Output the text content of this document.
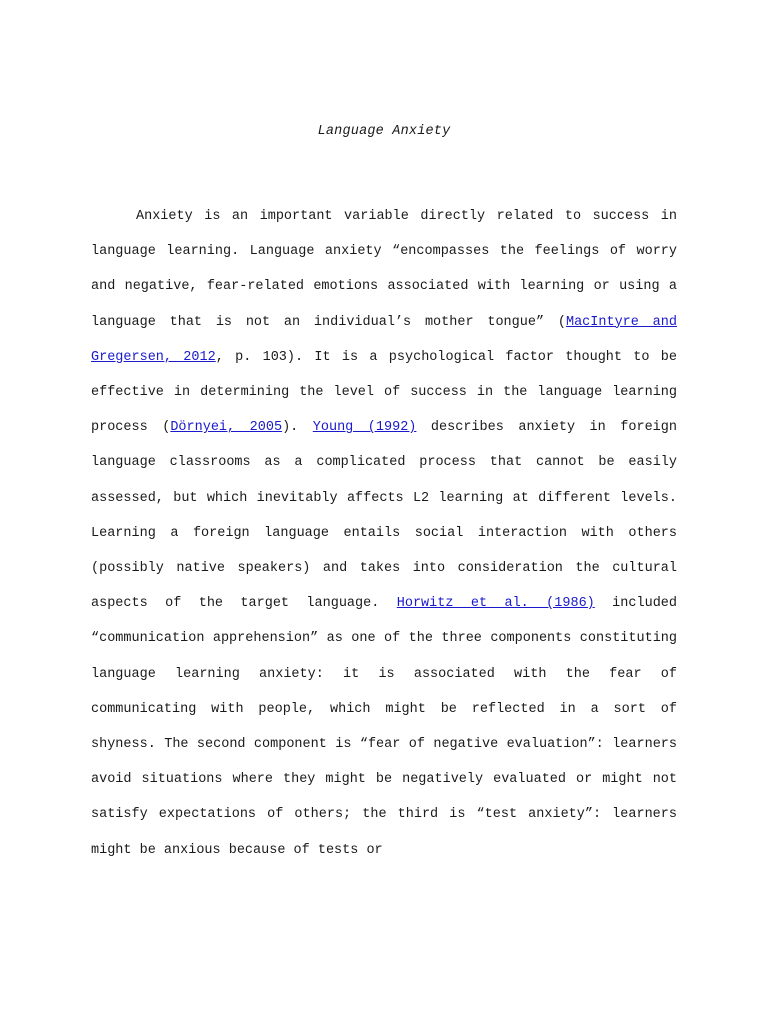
Language Anxiety

Anxiety is an important variable directly related to success in language learning. Language anxiety “encompasses the feelings of worry and negative, fear-related emotions associated with learning or using a language that is not an individual’s mother tongue” (MacIntyre and Gregersen, 2012, p. 103). It is a psychological factor thought to be effective in determining the level of success in the language learning process (Dörnyei, 2005). Young (1992) describes anxiety in foreign language classrooms as a complicated process that cannot be easily assessed, but which inevitably affects L2 learning at different levels. Learning a foreign language entails social interaction with others (possibly native speakers) and takes into consideration the cultural aspects of the target language. Horwitz et al. (1986) included “communication apprehension” as one of the three components constituting language learning anxiety: it is associated with the fear of communicating with people, which might be reflected in a sort of shyness. The second component is “fear of negative evaluation”: learners avoid situations where they might be negatively evaluated or might not satisfy expectations of others; the third is “test anxiety”: learners might be anxious because of tests or
